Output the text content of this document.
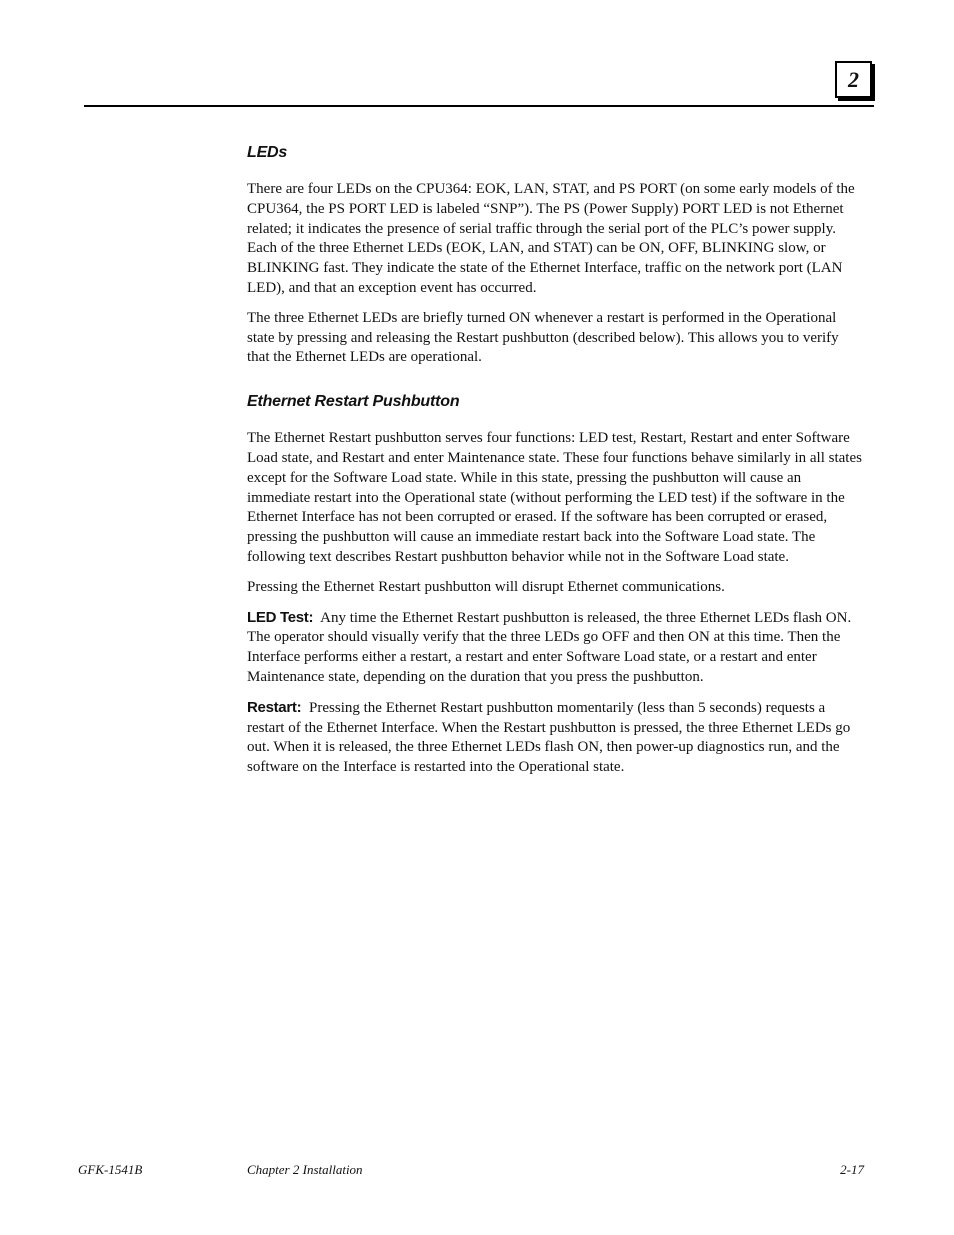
2
LEDs

There are four LEDs on the CPU364: EOK, LAN, STAT, and PS PORT (on some early models of the CPU364, the PS PORT LED is labeled “SNP”). The PS (Power Supply) PORT LED is not Ethernet related; it indicates the presence of serial traffic through the serial port of the PLC’s power supply. Each of the three Ethernet LEDs (EOK, LAN, and STAT) can be ON, OFF, BLINKING slow, or BLINKING fast. They indicate the state of the Ethernet Interface, traffic on the network port (LAN LED), and that an exception event has occurred.

The three Ethernet LEDs are briefly turned ON whenever a restart is performed in the Operational state by pressing and releasing the Restart pushbutton (described below). This allows you to verify that the Ethernet LEDs are operational.

Ethernet Restart Pushbutton

The Ethernet Restart pushbutton serves four functions: LED test, Restart, Restart and enter Software Load state, and Restart and enter Maintenance state. These four functions behave similarly in all states except for the Software Load state. While in this state, pressing the pushbutton will cause an immediate restart into the Operational state (without performing the LED test) if the software in the Ethernet Interface has not been corrupted or erased. If the software has been corrupted or erased, pressing the pushbutton will cause an immediate restart back into the Software Load state. The following text describes Restart pushbutton behavior while not in the Software Load state.

Pressing the Ethernet Restart pushbutton will disrupt Ethernet communications.

LED Test: Any time the Ethernet Restart pushbutton is released, the three Ethernet LEDs flash ON. The operator should visually verify that the three LEDs go OFF and then ON at this time. Then the Interface performs either a restart, a restart and enter Software Load state, or a restart and enter Maintenance state, depending on the duration that you press the pushbutton.

Restart: Pressing the Ethernet Restart pushbutton momentarily (less than 5 seconds) requests a restart of the Ethernet Interface. When the Restart pushbutton is pressed, the three Ethernet LEDs go out. When it is released, the three Ethernet LEDs flash ON, then power-up diagnostics run, and the software on the Interface is restarted into the Operational state.

GFK-1541B	Chapter 2 Installation	2-17
